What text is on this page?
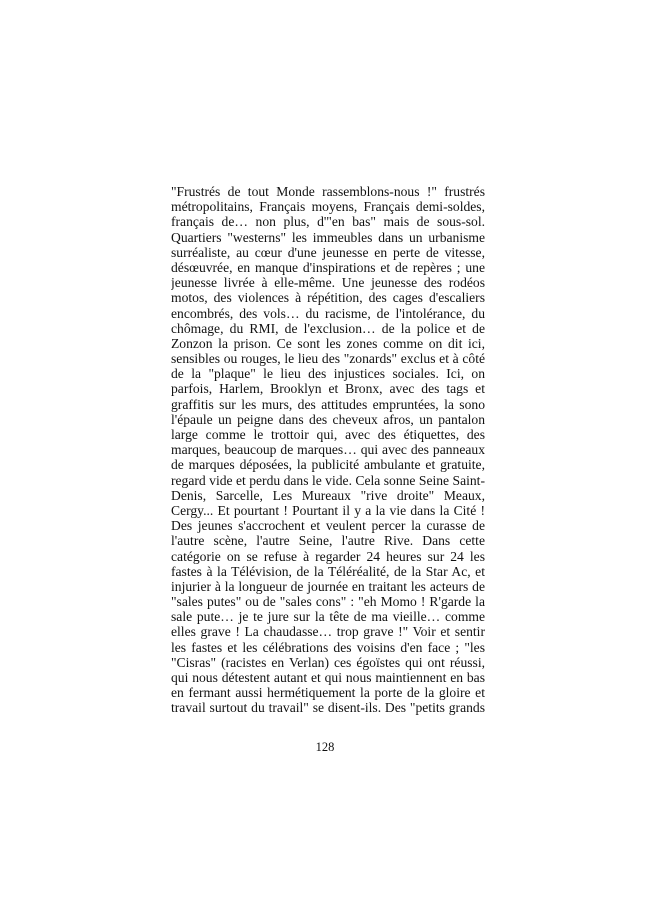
"Frustrés de tout Monde rassemblons-nous !" frustrés
métropolitains, Français moyens, Français demi-soldes,
français de… non plus, d'"en bas" mais de sous-sol.
Quartiers "westerns" les immeubles dans un urbanisme
surréaliste, au cœur d'une jeunesse en perte de vitesse,
désœuvrée, en manque d'inspirations et de repères ; une
jeunesse livrée à elle-même. Une jeunesse des rodéos
motos, des violences à répétition, des cages d'escaliers
encombrés, des vols… du racisme, de l'intolérance, du
chômage, du RMI, de l'exclusion… de la police et de
Zonzon la prison. Ce sont les zones comme on dit ici,
sensibles ou rouges, le lieu des "zonards" exclus et à côté
de la "plaque" le lieu des injustices sociales. Ici, on
parfois, Harlem, Brooklyn et Bronx, avec des tags et
graffitis sur les murs, des attitudes empruntées, la sono
l'épaule un peigne dans des cheveux afros, un pantalon
large comme le trottoir qui, avec des étiquettes, des
marques, beaucoup de marques… qui avec des panneaux
de marques déposées, la publicité ambulante et gratuite,
regard vide et perdu dans le vide. Cela sonne Seine Saint-
Denis, Sarcelle, Les Mureaux "rive droite" Meaux,
Cergy... Et pourtant ! Pourtant il y a la vie dans la Cité !
Des jeunes s'accrochent et veulent percer la curasse de
l'autre scène, l'autre Seine, l'autre Rive. Dans cette
catégorie on se refuse à regarder 24 heures sur 24 les
fastes à la Télévision, de la Téléréalité, de la Star Ac, et
injurier à la longueur de journée en traitant les acteurs de
"sales putes" ou de "sales cons" : "eh Momo ! R'garde la
sale pute… je te jure sur la tête de ma vieille… comme
elles grave ! La chaudasse… trop grave !" Voir et sentir
les fastes et les célébrations des voisins d'en face ; "les
"Cisras" (racistes en Verlan) ces égoïstes qui ont réussi,
qui nous détestent autant et qui nous maintiennent en bas
en fermant aussi hermétiquement la porte de la gloire et
travail surtout du travail" se disent-ils. Des "petits grands
128
